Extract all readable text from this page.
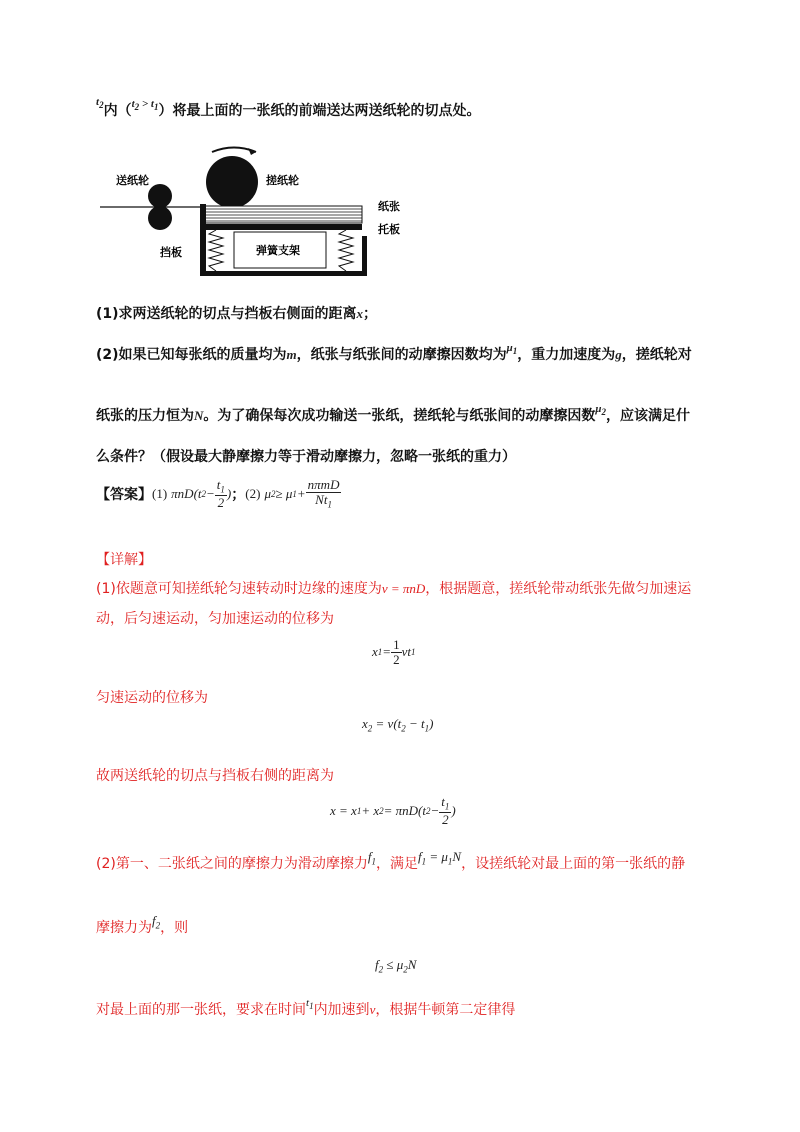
$^{t_2}$内（$^{t_2 > t_1}$）将最上面的一张纸的前端送达两送纸轮的切点处。
送纸轮	搓纸轮
纸张
托板
挡板	弹簧支架
(1)求两送纸轮的切点与挡板右侧面的距离x；
(2)如果已知每张纸的质量均为m，纸张与纸张间的动摩擦因数均为$^{\mu_1}$，重力加速度为g，搓纸轮对
纸张的压力恒为N。为了确保每次成功输送一张纸，搓纸轮与纸张间的动摩擦因数$^{\mu_2}$，应该满足什
么条件？（假设最大静摩擦力等于滑动摩擦力，忽略一张纸的重力）
【答案】 (1) πnD(t $2 - \frac{t_1}{2}$ ) ； (2) μ 2 ≥ μ $1 + \frac{\text{nπmD}}{Nt_1}$
【详解】
(1)依题意可知搓纸轮匀速转动时边缘的速度为v = πnD，根据题意，搓纸轮带动纸张先做匀加速运
动，后匀速运动，匀加速运动的位移为
x $1 = \frac{1}{2}$ vt 1
匀速运动的位移为
$x_2 = v(t_2 - t_1)$
故两送纸轮的切点与挡板右侧的距离为
x = x 1 + x 2 = πnD(t $2 - \frac{t_1}{2}$ )
(2)第一、二张纸之间的摩擦力为滑动摩擦力$f_1$，满足$f_1 = \mu_1N$，设搓纸轮对最上面的第一张纸的静
摩擦力为$f_2$，则
$f_2 \le \mu_2N$
对最上面的那一张纸，要求在时间$^{t_1}$内加速到v，根据牛顿第二定律得
